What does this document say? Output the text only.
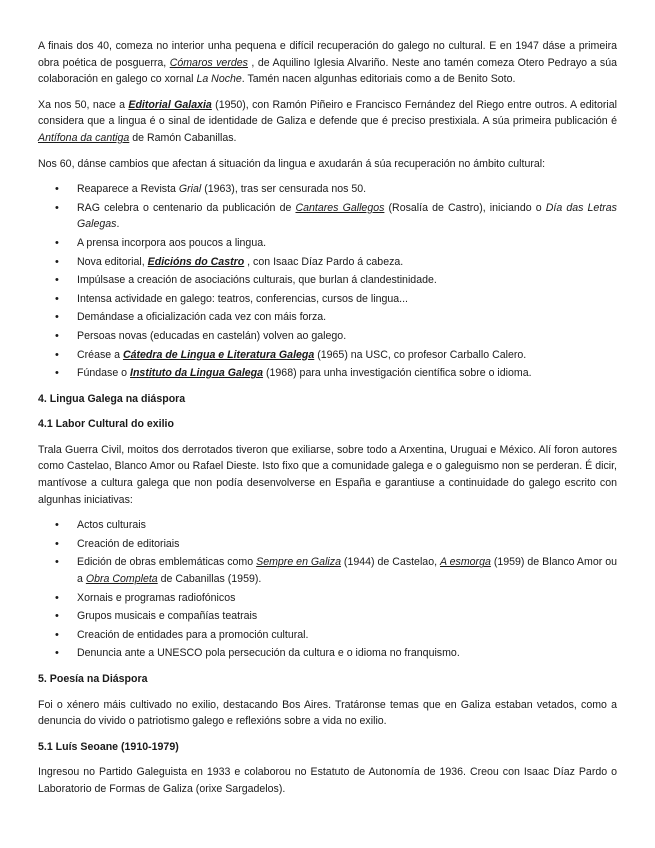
A finais dos 40, comeza no interior unha pequena e difícil recuperación do galego no cultural. E en 1947 dáse a primeira obra poética de posguerra, Cómaros verdes , de Aquilino Iglesia Alvariño. Neste ano tamén comeza Otero Pedrayo a súa colaboración en galego co xornal La Noche. Tamén nacen algunhas editoriais como a de Benito Soto.

Xa nos 50, nace a Editorial Galaxia (1950), con Ramón Piñeiro e Francisco Fernández del Riego entre outros. A editorial considera que a lingua é o sinal de identidade de Galiza e defende que é preciso prestixiala. A súa primeira publicación é Antífona da cantiga de Ramón Cabanillas.

Nos 60, dánse cambios que afectan á situación da lingua e axudarán á súa recuperación no ámbito cultural:

• Reaparece a Revista Grial (1963), tras ser censurada nos 50.
• RAG celebra o centenario da publicación de Cantares Gallegos (Rosalía de Castro), iniciando o Día das Letras Galegas.
• A prensa incorpora aos poucos a lingua.
• Nova editorial, Edicións do Castro , con Isaac Díaz Pardo á cabeza.
• Impúlsase a creación de asociacións culturais, que burlan á clandestinidade.
• Intensa actividade en galego: teatros, conferencias, cursos de lingua...
• Demándase a oficialización cada vez con máis forza.
• Persoas novas (educadas en castelán) volven ao galego.
• Créase a Cátedra de Lingua e Literatura Galega (1965) na USC, co profesor Carballo Calero.
• Fúndase o Instituto da Lingua Galega (1968) para unha investigación científica sobre o idioma.
4. Lingua Galega na diáspora
4.1 Labor Cultural do exilio

Trala Guerra Civil, moitos dos derrotados tiveron que exiliarse, sobre todo a Arxentina, Uruguai e México. Alí foron autores como Castelao, Blanco Amor ou Rafael Dieste. Isto fixo que a comunidade galega e o galeguismo non se perderan. É dicir, mantívose a cultura galega que non podía desenvolverse en España e garantiuse a continuidade do galego escrito con algunhas iniciativas:

• Actos culturais
• Creación de editoriais
• Edición de obras emblemáticas como Sempre en Galiza (1944) de Castelao, A esmorga (1959) de Blanco Amor ou a Obra Completa de Cabanillas (1959).
• Xornais e programas radiofónicos
• Grupos musicais e compañías teatrais
• Creación de entidades para a promoción cultural.
• Denuncia ante a UNESCO pola persecución da cultura e o idioma no franquismo.
5. Poesía na Diáspora

Foi o xénero máis cultivado no exilio, destacando Bos Aires. Tratáronse temas que en Galiza estaban vetados, como a denuncia do vivido o patriotismo galego e reflexións sobre a vida no exilio.

5.1 Luís Seoane (1910-1979)

Ingresou no Partido Galeguista en 1933 e colaborou no Estatuto de Autonomía de 1936. Creou con Isaac Díaz Pardo o Laboratorio de Formas de Galiza (orixe Sargadelos).
